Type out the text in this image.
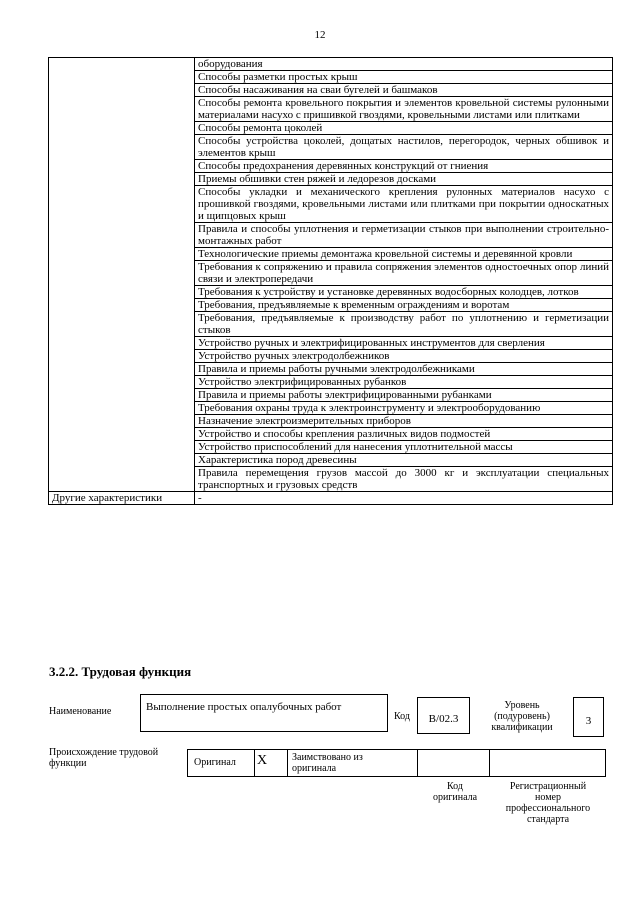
12
	оборудования
	Способы разметки простых крыш
	Способы насаживания на сваи бугелей и башмаков
	Способы ремонта кровельного покрытия и элементов кровельной системы рулонными материалами насухо с пришивкой гвоздями, кровельными листами или плитками
	Способы ремонта цоколей
	Способы устройства цоколей, дощатых настилов, перегородок, черных обшивок и элементов крыш
	Способы предохранения деревянных конструкций от гниения
	Приемы обшивки стен ряжей и ледорезов досками
	Способы укладки и механического крепления рулонных материалов насухо с прошивкой гвоздями, кровельными листами или плитками при покрытии односкатных и щипцовых крыш
	Правила и способы уплотнения и герметизации стыков при выполнении строительно-монтажных работ
	Технологические приемы демонтажа кровельной системы и деревянной кровли
	Требования к сопряжению и правила сопряжения элементов одностоечных опор линий связи и электропередачи
	Требования к устройству и установке деревянных водосборных колодцев, лотков
	Требования, предъявляемые к временным ограждениям и воротам
	Требования, предъявляемые к производству работ по уплотнению и герметизации стыков
	Устройство ручных и электрифицированных инструментов для сверления
	Устройство ручных электродолбежников
	Правила и приемы работы ручными электродолбежниками
	Устройство электрифицированных рубанков
	Правила и приемы работы электрифицированными рубанками
	Требования охраны труда к электроинструменту и электрооборудованию
	Назначение электроизмерительных приборов
	Устройство и способы крепления различных видов подмостей
	Устройство приспособлений для нанесения уплотнительной массы
	Характеристика пород древесины
	Правила перемещения грузов массой до 3000 кг и эксплуатации специальных транспортных и грузовых средств
Другие характеристики	-
3.2.2. Трудовая функция
Наименование	Выполнение простых опалубочных работ
Код	B/02.3
Уровень (подуровень) квалификации
3
Происхождение трудовой функции	Оригинал X Заимствовано из оригинала
Код оригинала
Регистрационный номер профессионального стандарта
